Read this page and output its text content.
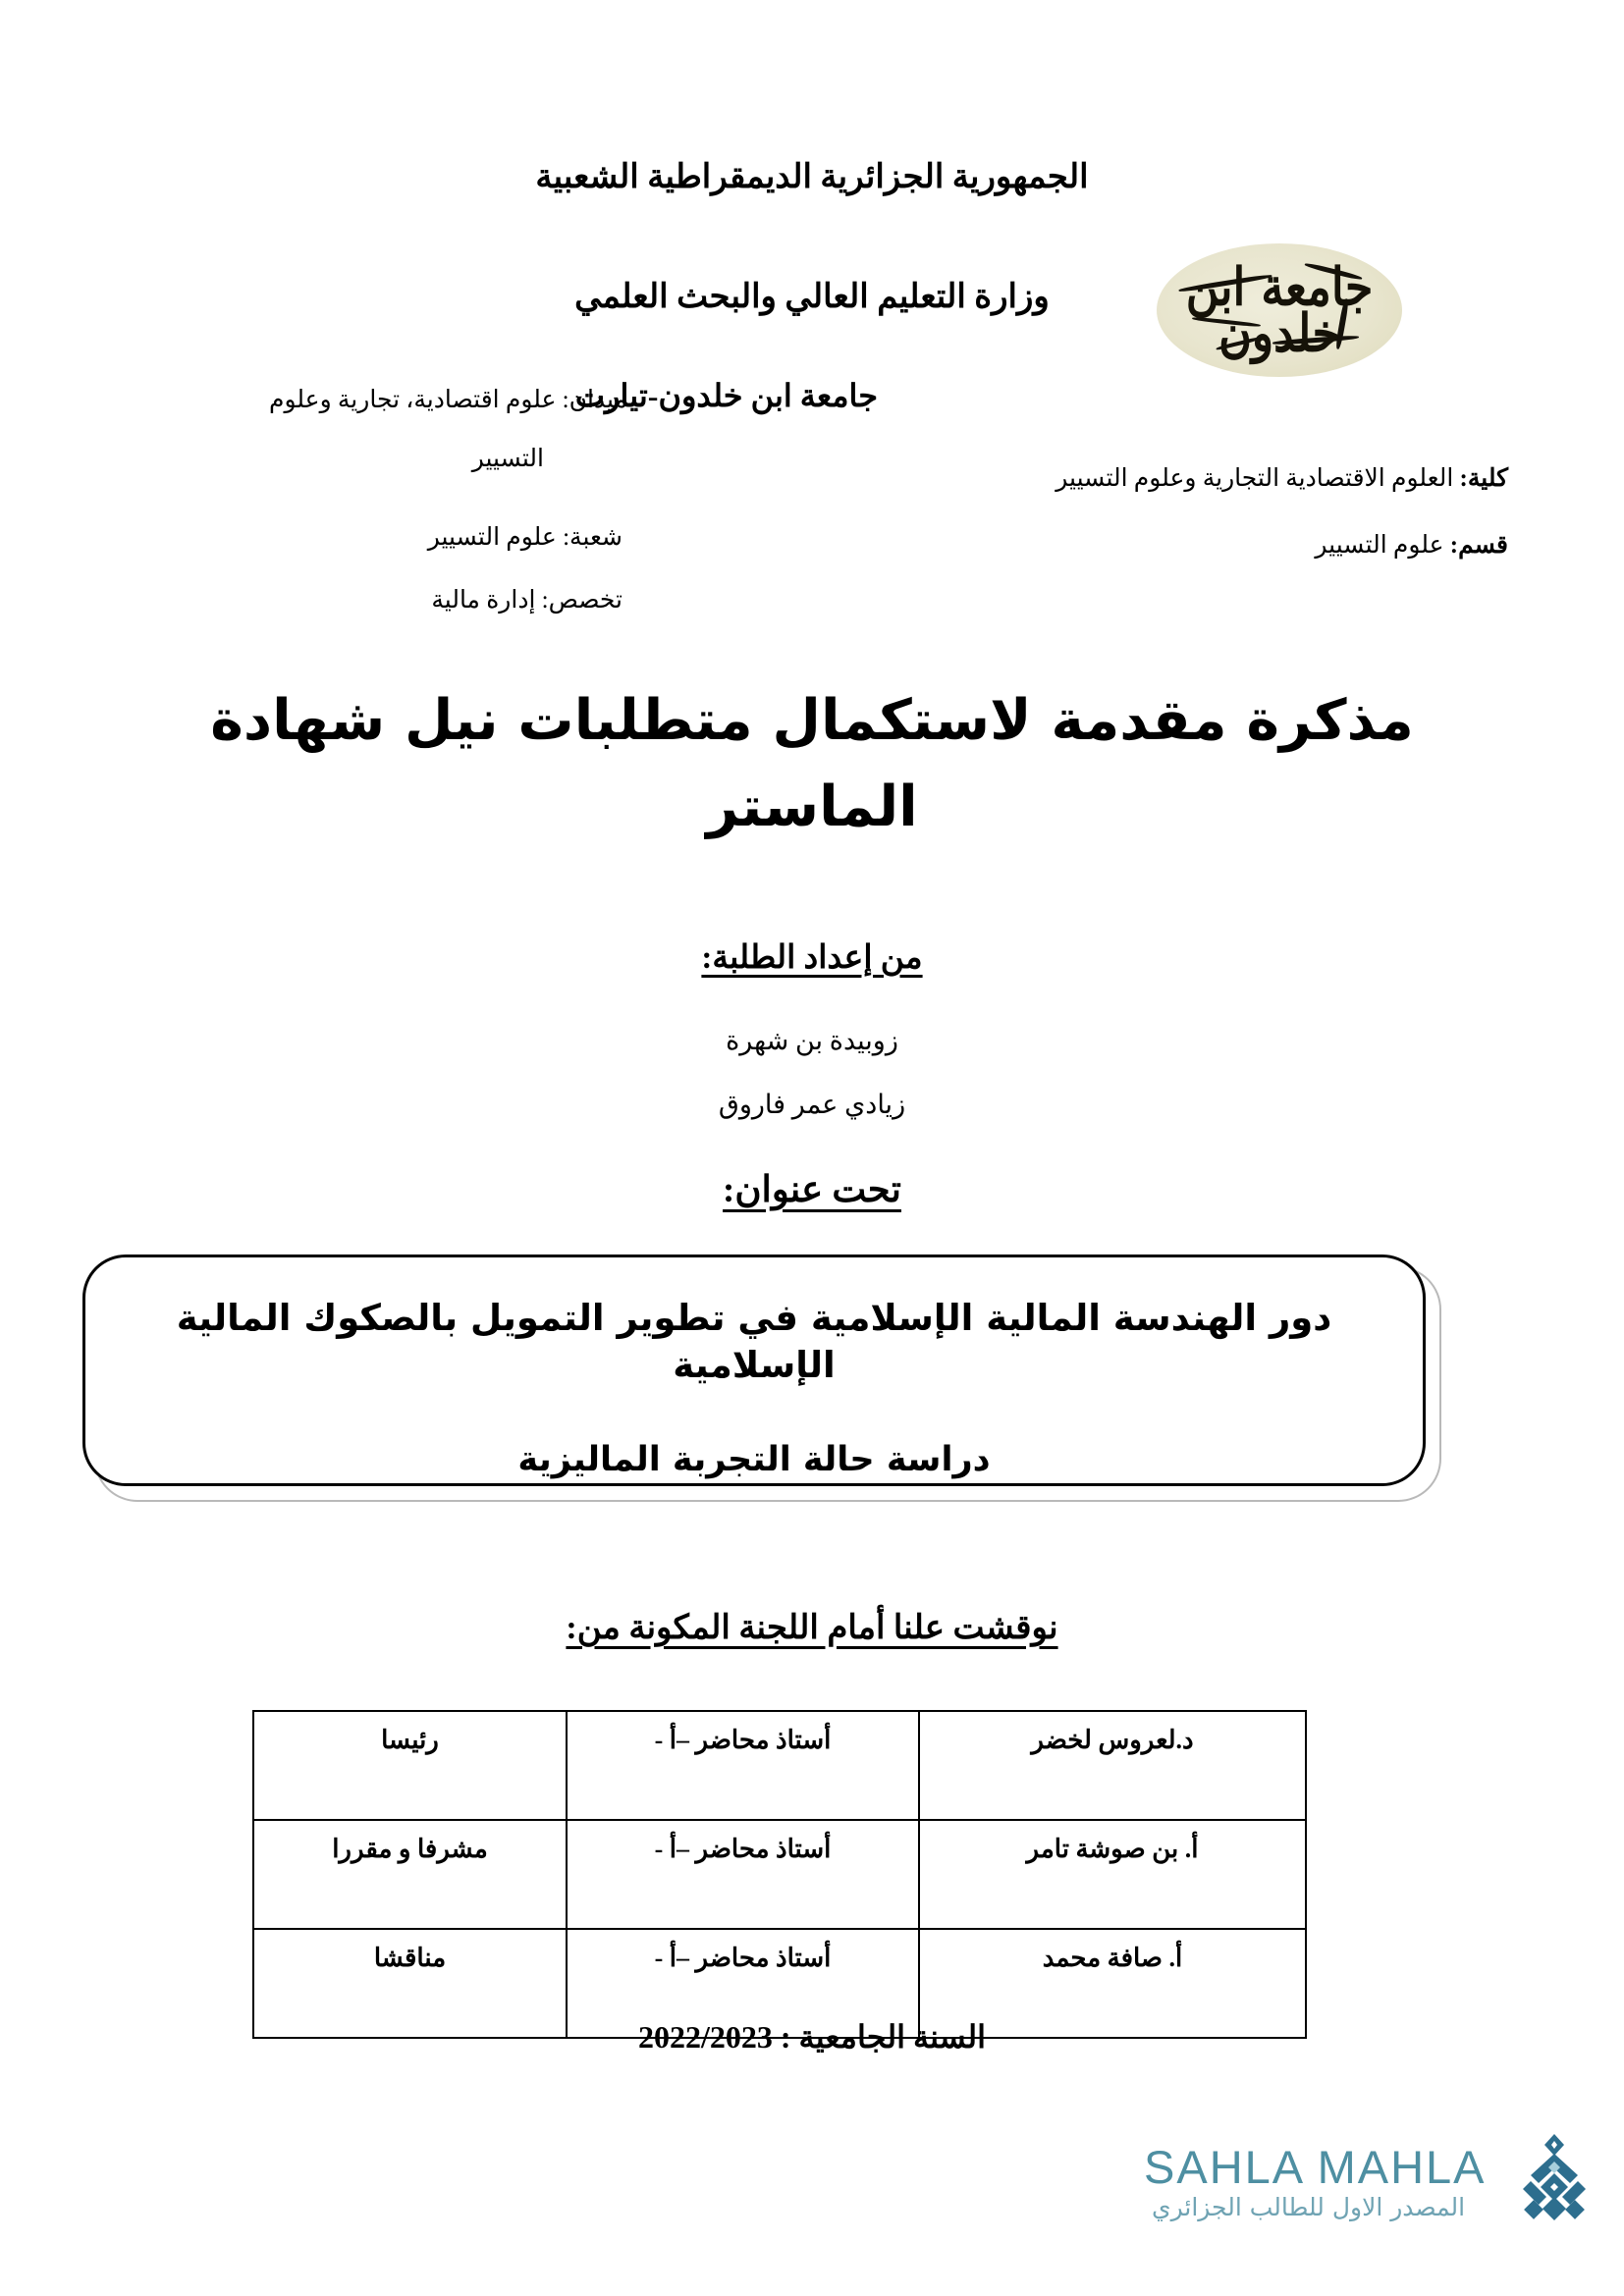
الجمهورية الجزائرية الديمقراطية الشعبية
وزارة التعليم العالي والبحث العلمي	جامعة ابن خلدون
كلية: العلوم الاقتصادية التجارية وعلوم التسيير
قسم: علوم التسيير
جامعة ابن خلدون-تيارت
ميدان: علوم اقتصادية، تجارية وعلوم
التسيير
شعبة: علوم التسيير
تخصص: إدارة مالية
مذكرة مقدمة لاستكمال متطلبات نيل شهادة الماستر
من إعداد الطلبة:
زوبيدة بن شهرة
زيادي عمر فاروق
تحت عنوان:
دور الهندسة المالية الإسلامية في تطوير التمويل بالصكوك المالية الإسلامية
دراسة حالة التجربة الماليزية
نوقشت علنا أمام اللجنة المكونة من:
د.لعروس لخضر	أستاذ محاضر –أ -	رئيسا
أ. بن صوشة تامر	أستاذ محاضر –أ -	مشرفا و مقررا
أ. صافة محمد	أستاذ محاضر –أ -	مناقشا
السنة الجامعية : 2022/2023
SAHLA MAHLA
المصدر الاول للطالب الجزائري
